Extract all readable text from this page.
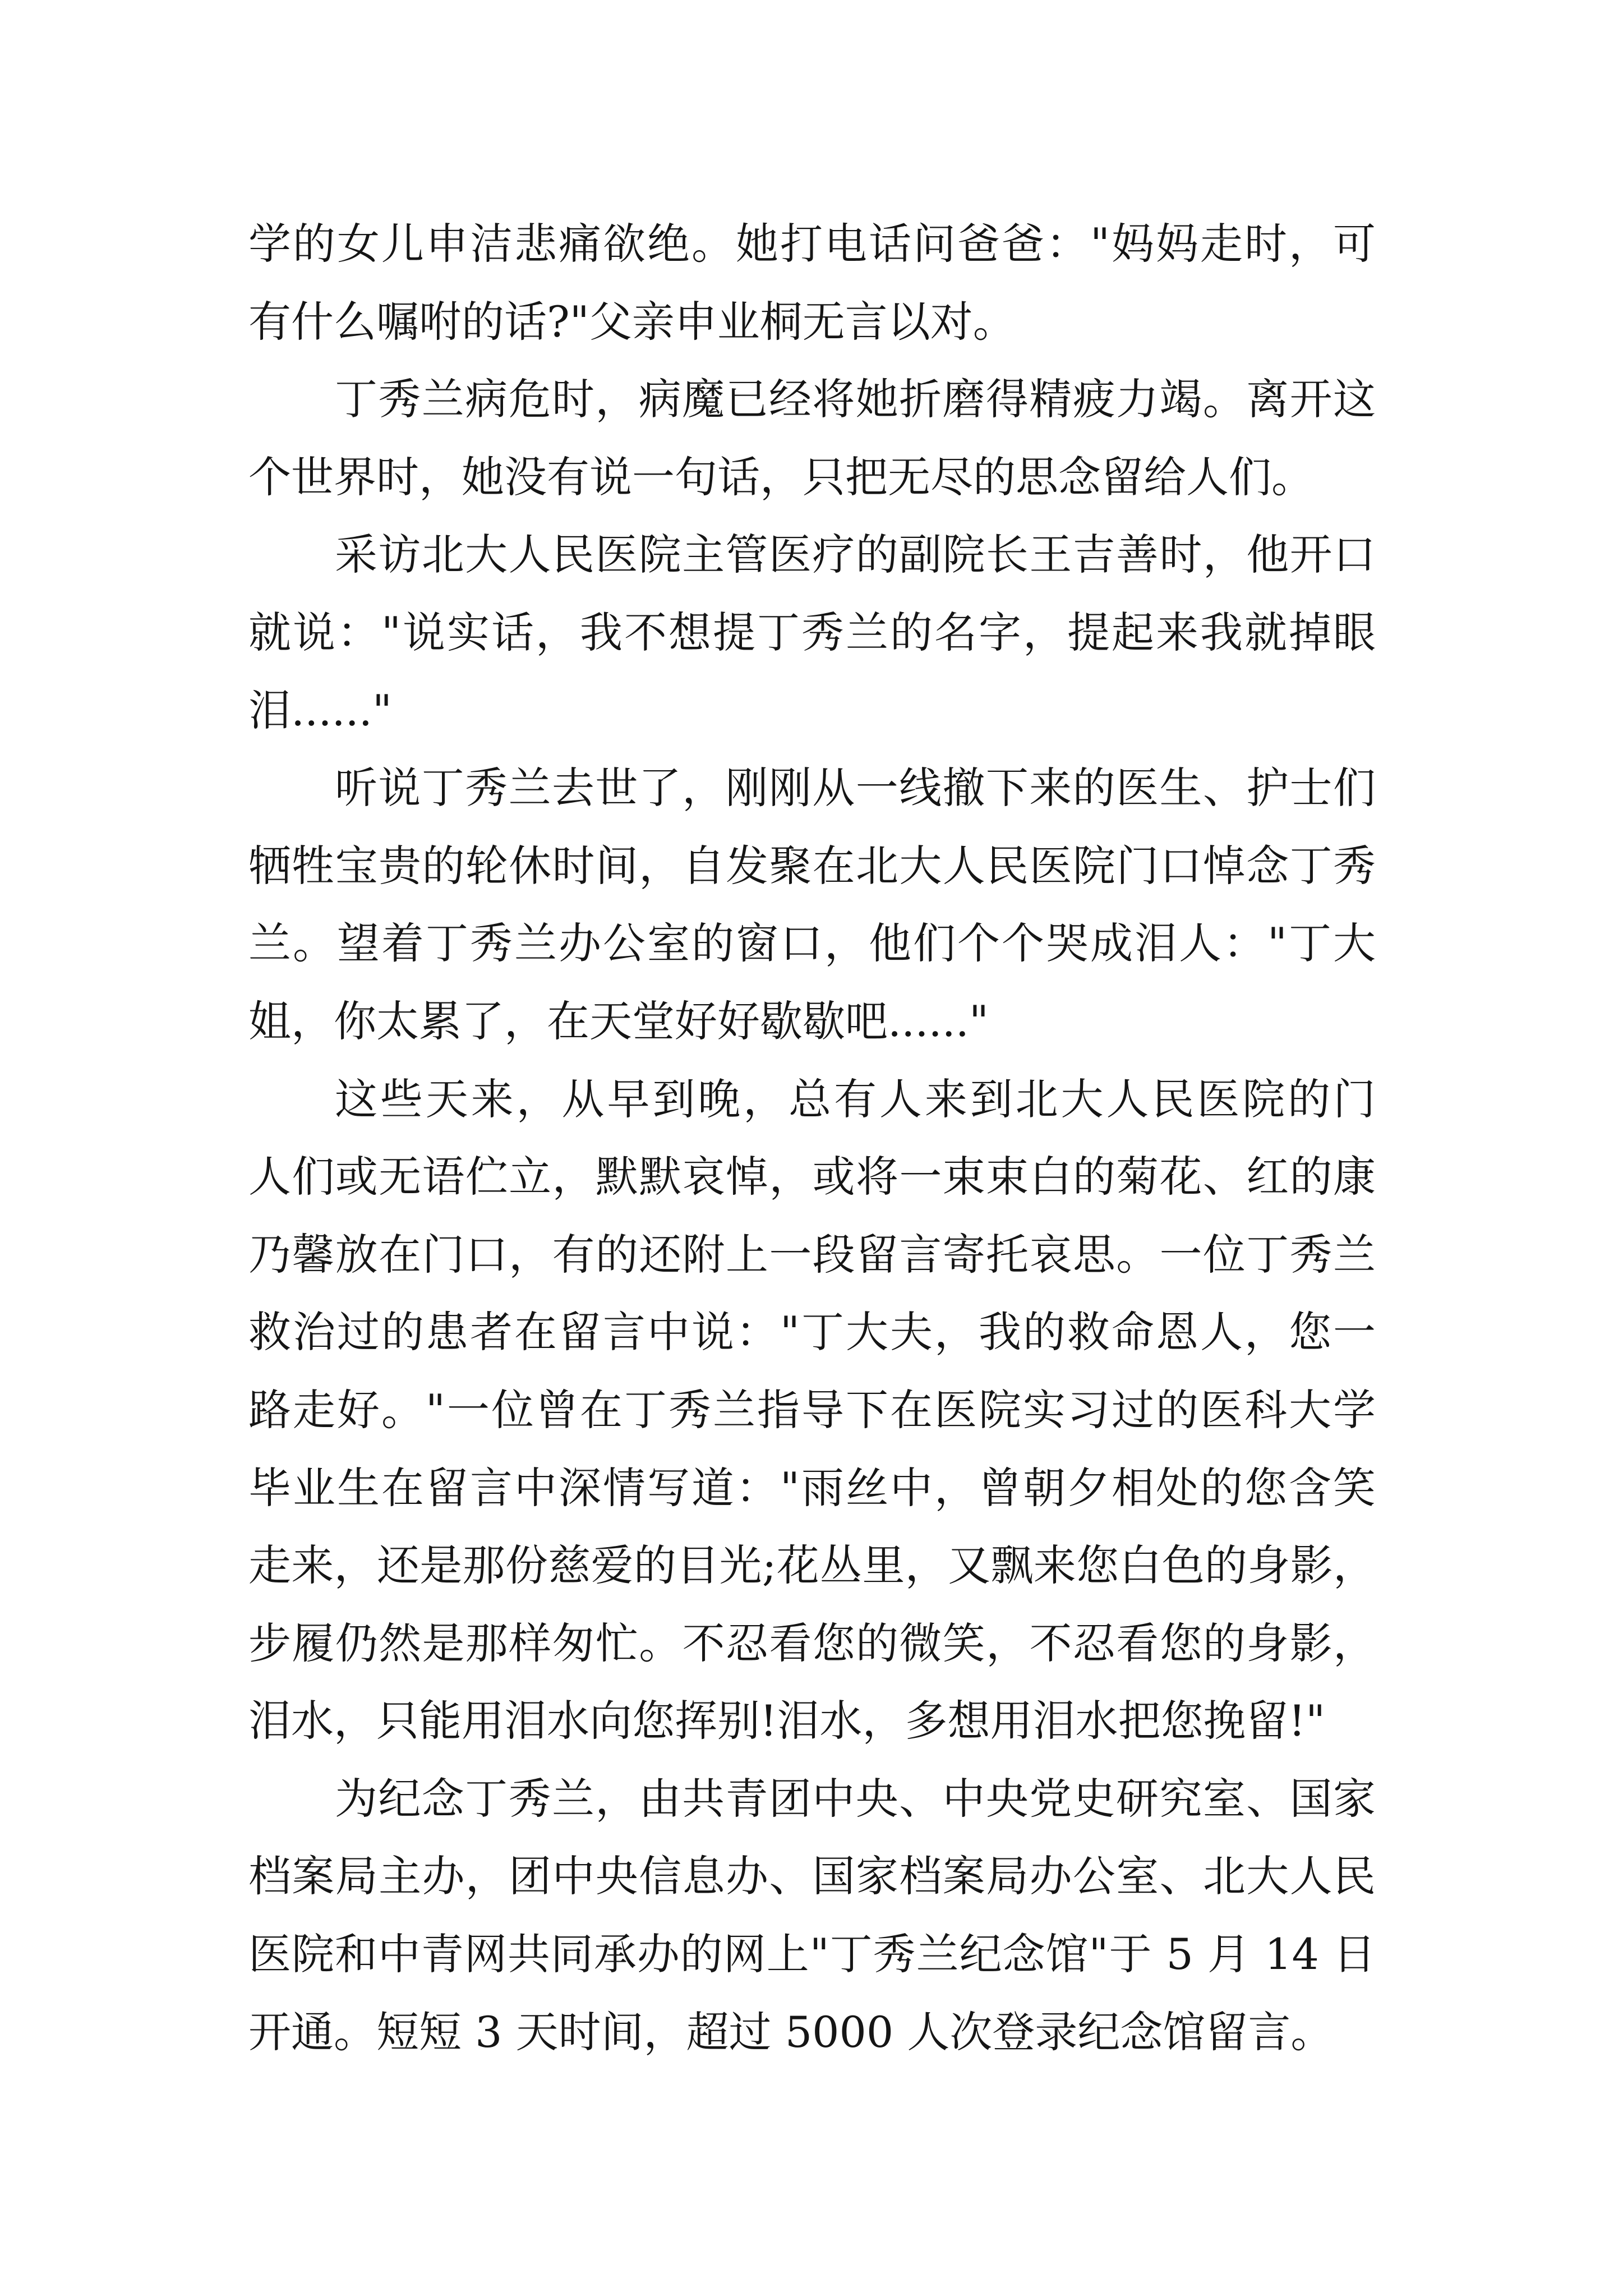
学的女儿申洁悲痛欲绝。她打电话问爸爸："妈妈走时，可
有什么嘱咐的话?"父亲申业桐无言以对。

丁秀兰病危时，病魔已经将她折磨得精疲力竭。离开这
个世界时，她没有说一句话，只把无尽的思念留给人们。

采访北大人民医院主管医疗的副院长王吉善时，他开口
就说："说实话，我不想提丁秀兰的名字，提起来我就掉眼
泪......"

听说丁秀兰去世了，刚刚从一线撤下来的医生、护士们
牺牲宝贵的轮休时间，自发聚在北大人民医院门口悼念丁秀
兰。望着丁秀兰办公室的窗口，他们个个哭成泪人："丁大
姐，你太累了，在天堂好好歇歇吧......"

这些天来，从早到晚，总有人来到北大人民医院的门
人们或无语伫立，默默哀悼，或将一束束白的菊花、红的康
乃馨放在门口，有的还附上一段留言寄托哀思。一位丁秀兰
救治过的患者在留言中说："丁大夫，我的救命恩人，您一
路走好。"一位曾在丁秀兰指导下在医院实习过的医科大学
毕业生在留言中深情写道："雨丝中，曾朝夕相处的您含笑
走来，还是那份慈爱的目光;花丛里，又飘来您白色的身影，
步履仍然是那样匆忙。不忍看您的微笑，不忍看您的身影，
泪水，只能用泪水向您挥别!泪水，多想用泪水把您挽留!"

为纪念丁秀兰，由共青团中央、中央党史研究室、国家
档案局主办，团中央信息办、国家档案局办公室、北大人民
医院和中青网共同承办的网上"丁秀兰纪念馆"于 5 月 14 日
开通。短短 3 天时间，超过 5000 人次登录纪念馆留言。
